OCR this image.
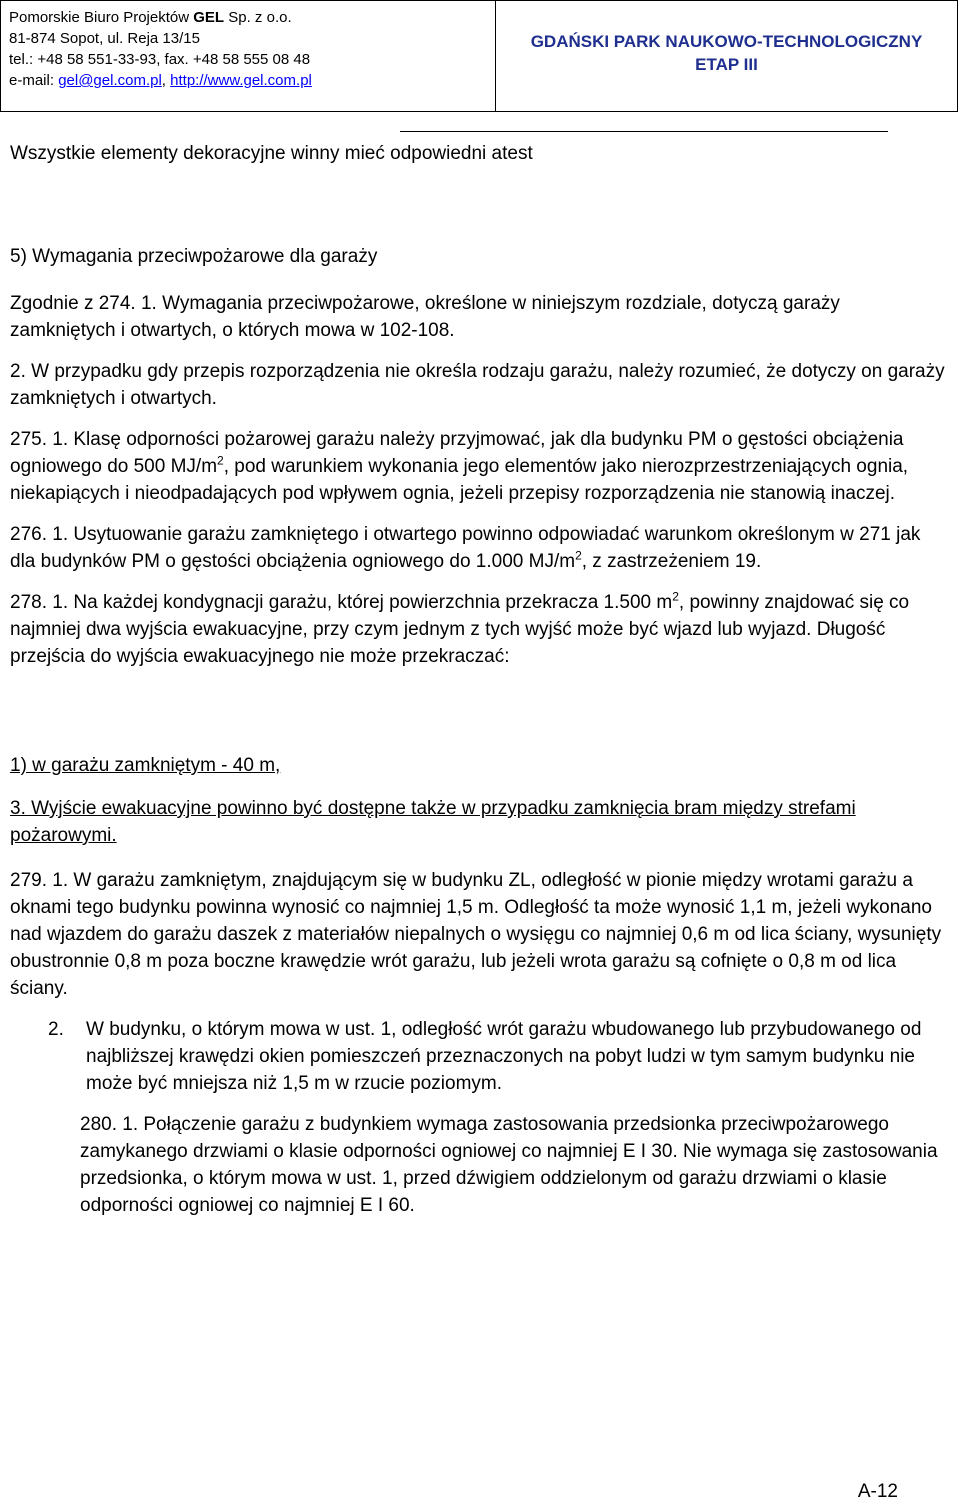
Pomorskie Biuro Projektów GEL Sp. z o.o.
81-874 Sopot, ul. Reja 13/15
tel.: +48 58 551-33-93, fax. +48 58 555 08 48
e-mail: gel@gel.com.pl, http://www.gel.com.pl
GDAŃSKI PARK NAUKOWO-TECHNOLOGICZNY
ETAP III

Wszystkie elementy dekoracyjne winny mieć odpowiedni atest

5) Wymagania przeciwpożarowe dla garaży

Zgodnie z 274. 1. Wymagania przeciwpożarowe, określone w niniejszym rozdziale, dotyczą garaży zamkniętych i otwartych, o których mowa w 102-108.

2. W przypadku gdy przepis rozporządzenia nie określa rodzaju garażu, należy rozumieć, że dotyczy on garaży zamkniętych i otwartych.

275. 1. Klasę odporności pożarowej garażu należy przyjmować, jak dla budynku PM o gęstości obciążenia ogniowego do 500 $MJ/m^2$, pod warunkiem wykonania jego elementów jako nierozprzestrzeniających ognia, niekapiących i nieodpadających pod wpływem ognia, jeżeli przepisy rozporządzenia nie stanowią inaczej.

276. 1. Usytuowanie garażu zamkniętego i otwartego powinno odpowiadać warunkom określonym w 271 jak dla budynków PM o gęstości obciążenia ogniowego do 1.000 $MJ/m^2$, z zastrzeżeniem 19.

278. 1. Na każdej kondygnacji garażu, której powierzchnia przekracza 1.500 $m^2$, powinny znajdować się co najmniej dwa wyjścia ewakuacyjne, przy czym jednym z tych wyjść może być wjazd lub wyjazd. Długość przejścia do wyjścia ewakuacyjnego nie może przekraczać:

1) w garażu zamkniętym - 40 m,

3. Wyjście ewakuacyjne powinno być dostępne także w przypadku zamknięcia bram między strefami pożarowymi.

279. 1. W garażu zamkniętym, znajdującym się w budynku ZL, odległość w pionie między wrotami garażu a oknami tego budynku powinna wynosić co najmniej 1,5 m. Odległość ta może wynosić 1,1 m, jeżeli wykonano nad wjazdem do garażu daszek z materiałów niepalnych o wysięgu co najmniej 0,6 m od lica ściany, wysunięty obustronnie 0,8 m poza boczne krawędzie wrót garażu, lub jeżeli wrota garażu są cofnięte o 0,8 m od lica ściany.

2. W budynku, o którym mowa w ust. 1, odległość wrót garażu wbudowanego lub przybudowanego od najbliższej krawędzi okien pomieszczeń przeznaczonych na pobyt ludzi w tym samym budynku nie może być mniejsza niż 1,5 m w rzucie poziomym.

280. 1. Połączenie garażu z budynkiem wymaga zastosowania przedsionka przeciwpożarowego zamykanego drzwiami o klasie odporności ogniowej co najmniej E I 30. Nie wymaga się zastosowania przedsionka, o którym mowa w ust. 1, przed dźwigiem oddzielonym od garażu drzwiami o klasie odporności ogniowej co najmniej E I 60.

A-12
